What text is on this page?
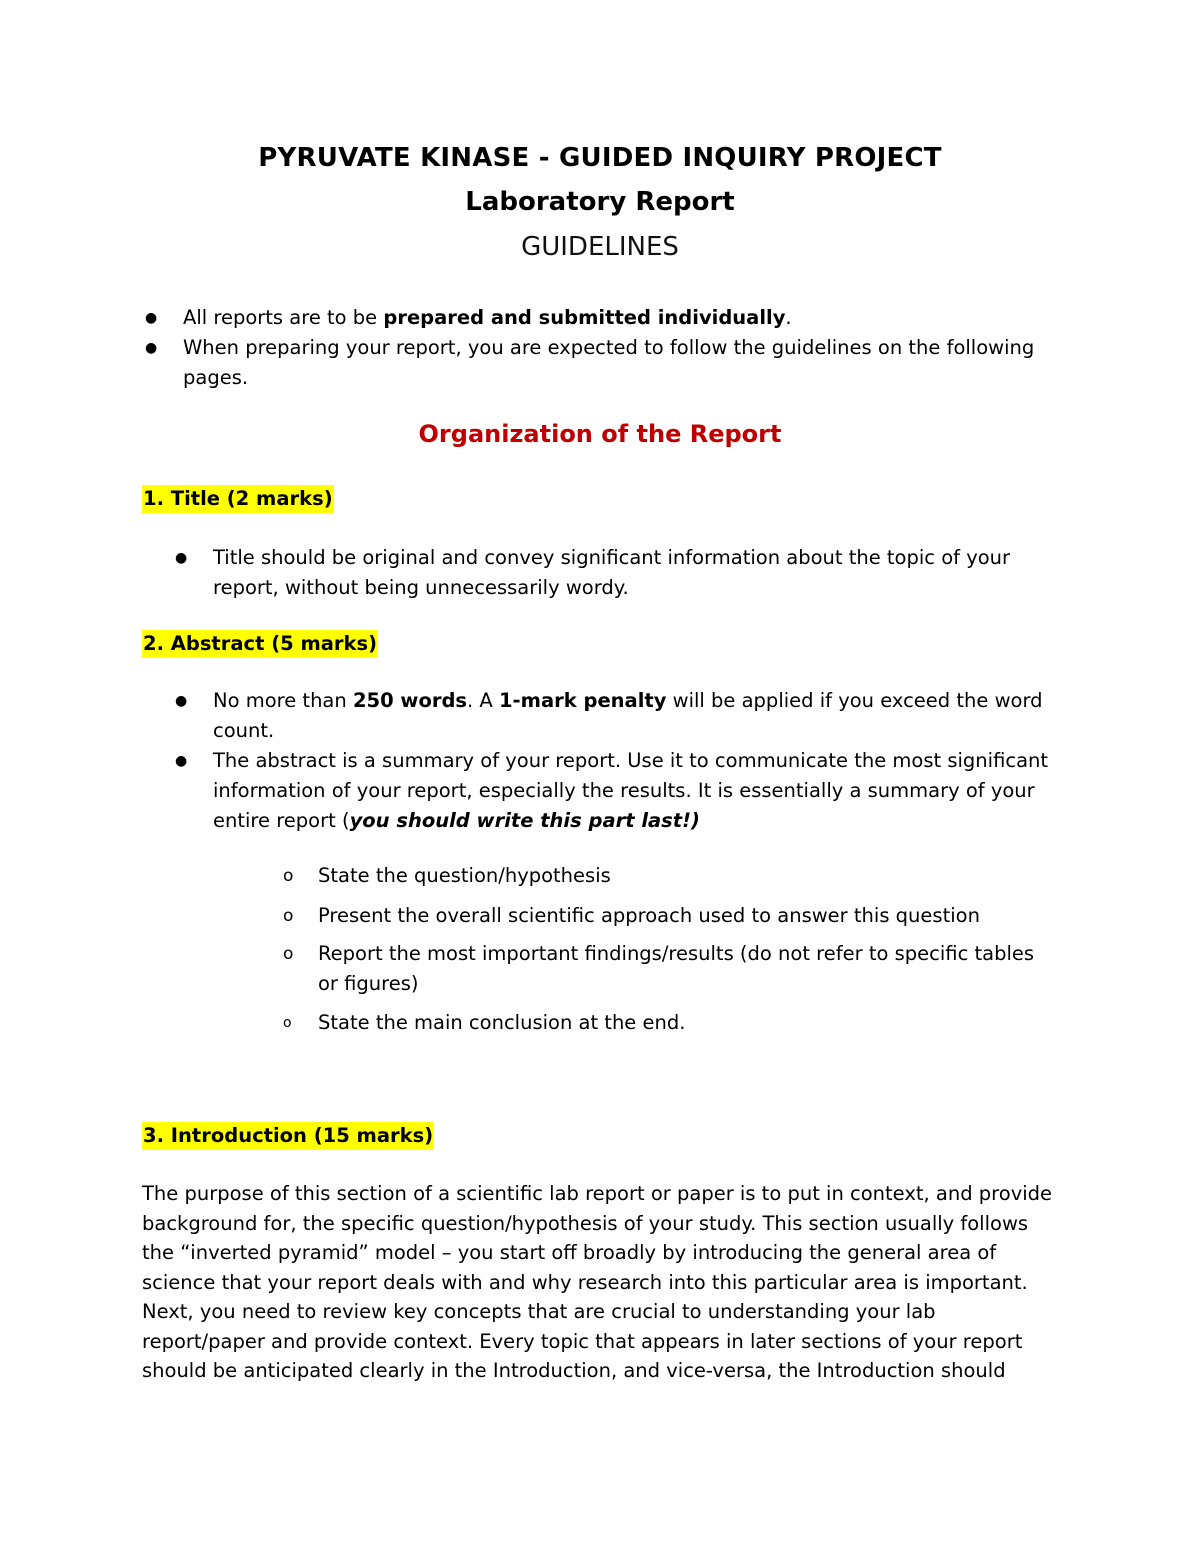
PYRUVATE KINASE - GUIDED INQUIRY PROJECT
Laboratory Report
GUIDELINES
● All reports are to be prepared and submitted individually.
● When preparing your report, you are expected to follow the guidelines on the following
pages.
Organization of the Report
1. Title (2 marks)
● Title should be original and convey significant information about the topic of your
report, without being unnecessarily wordy.
2. Abstract (5 marks)
● No more than 250 words. A 1-mark penalty will be applied if you exceed the word
count.
● The abstract is a summary of your report. Use it to communicate the most significant
information of your report, especially the results. It is essentially a summary of your
entire report (you should write this part last!)
o State the question/hypothesis
o Present the overall scientific approach used to answer this question
o Report the most important findings/results (do not refer to specific tables
or figures)
o State the main conclusion at the end.
3. Introduction (15 marks)

The purpose of this section of a scientific lab report or paper is to put in context, and provide
background for, the specific question/hypothesis of your study. This section usually follows
the “inverted pyramid” model – you start off broadly by introducing the general area of
science that your report deals with and why research into this particular area is important.
Next, you need to review key concepts that are crucial to understanding your lab
report/paper and provide context. Every topic that appears in later sections of your report
should be anticipated clearly in the Introduction, and vice-versa, the Introduction should
